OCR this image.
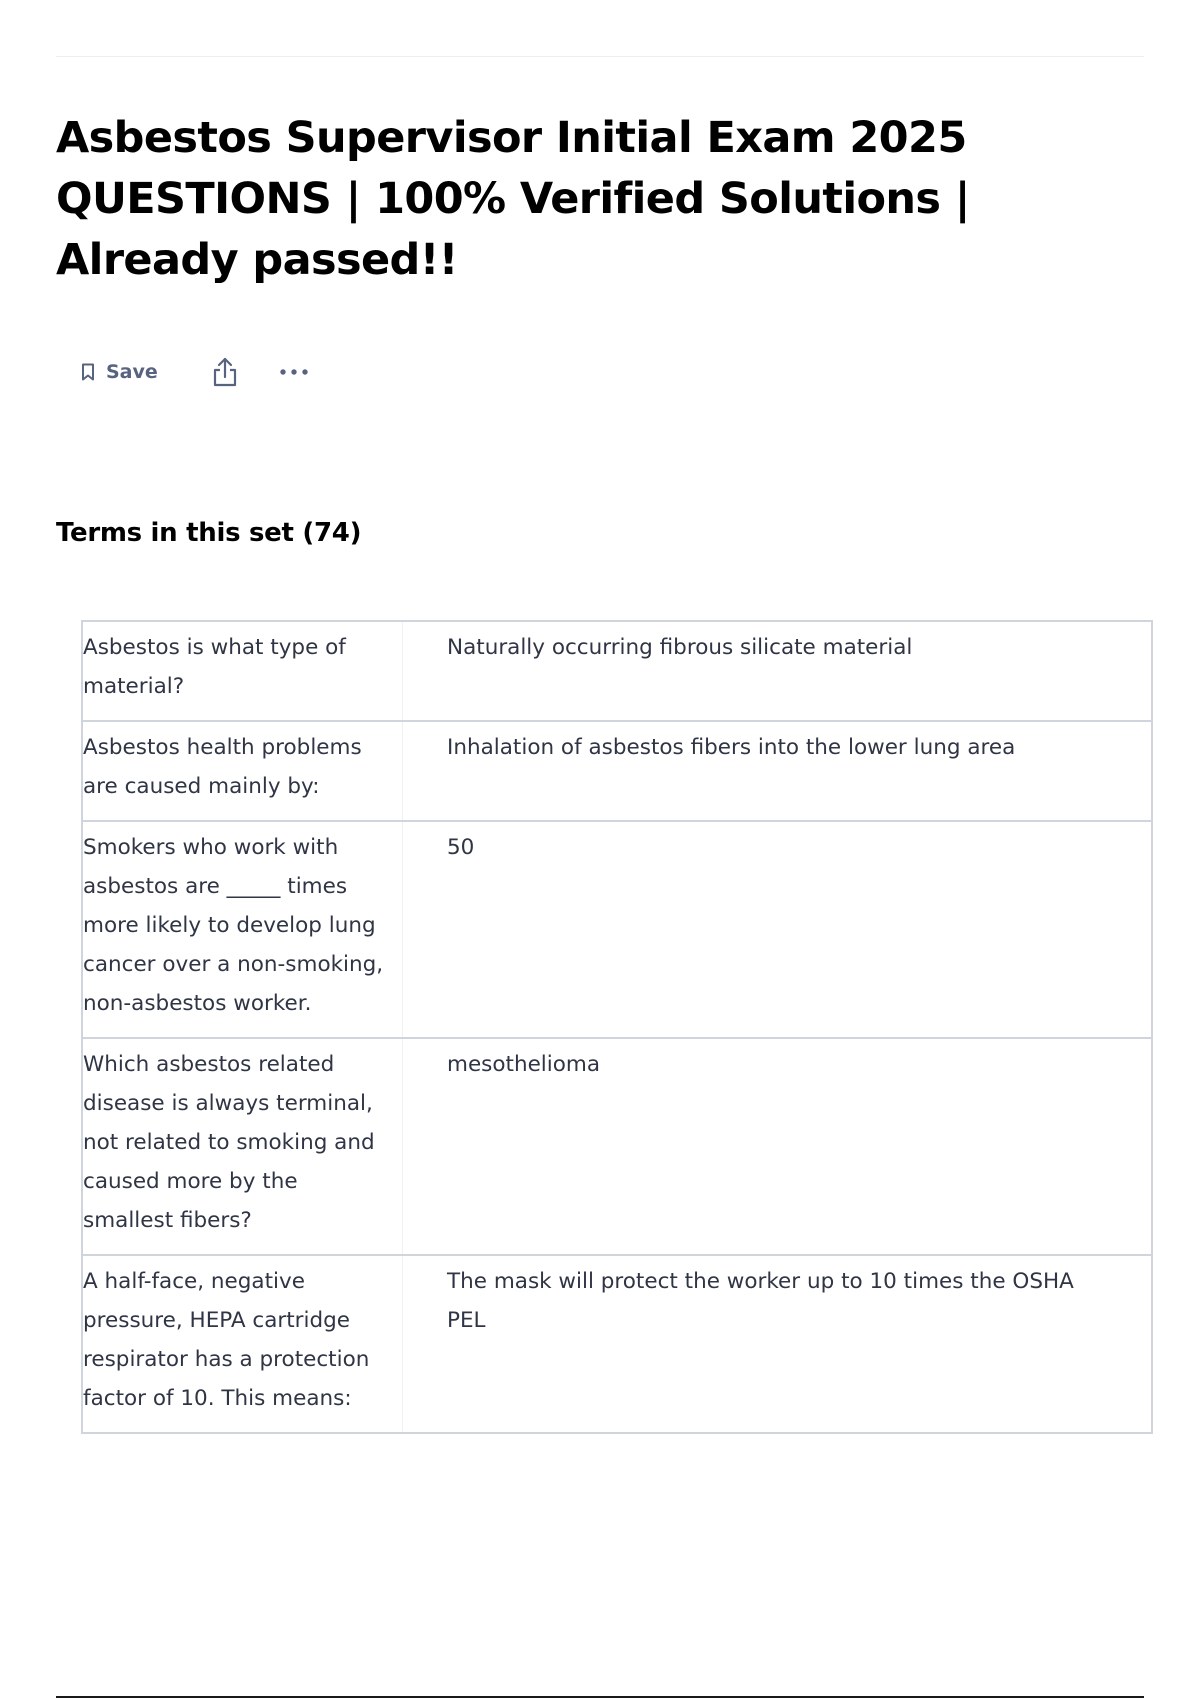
Asbestos Supervisor Initial Exam 2025 QUESTIONS | 100% Verified Solutions | Already passed!!
Save
Terms in this set (74)
Asbestos is what type of material?
Naturally occurring fibrous silicate material
Asbestos health problems are caused mainly by:
Inhalation of asbestos fibers into the lower lung area
Smokers who work with asbestos are _____ times more likely to develop lung cancer over a non-smoking, non-asbestos worker.
50
Which asbestos related disease is always terminal, not related to smoking and caused more by the smallest fibers?
mesothelioma
A half-face, negative pressure, HEPA cartridge respirator has a protection factor of 10. This means:
The mask will protect the worker up to 10 times the OSHA PEL
